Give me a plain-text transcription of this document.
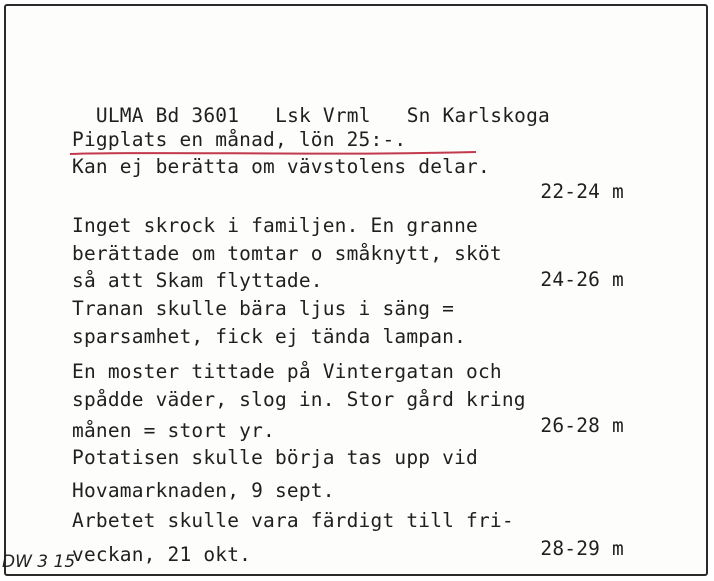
ULMA Bd 3601 Lsk Vrml Sn Karlskoga

Pigplats en månad, lön 25:-.
Kan ej berätta om vävstolens delar.
22-24 m
Inget skrock i familjen. En granne
berättade om tomtar o småknytt, sköt
så att Skam flyttade.	24-26 m
Tranan skulle bära ljus i säng =
sparsamhet, fick ej tända lampan.
En moster tittade på Vintergatan och
spådde väder, slog in. Stor gård kring
månen = stort yr.	26-28 m
Potatisen skulle börja tas upp vid
Hovamarknaden, 9 sept.
Arbetet skulle vara färdigt till fri-
veckan, 21 okt.	28-29 m
DW 3 15
